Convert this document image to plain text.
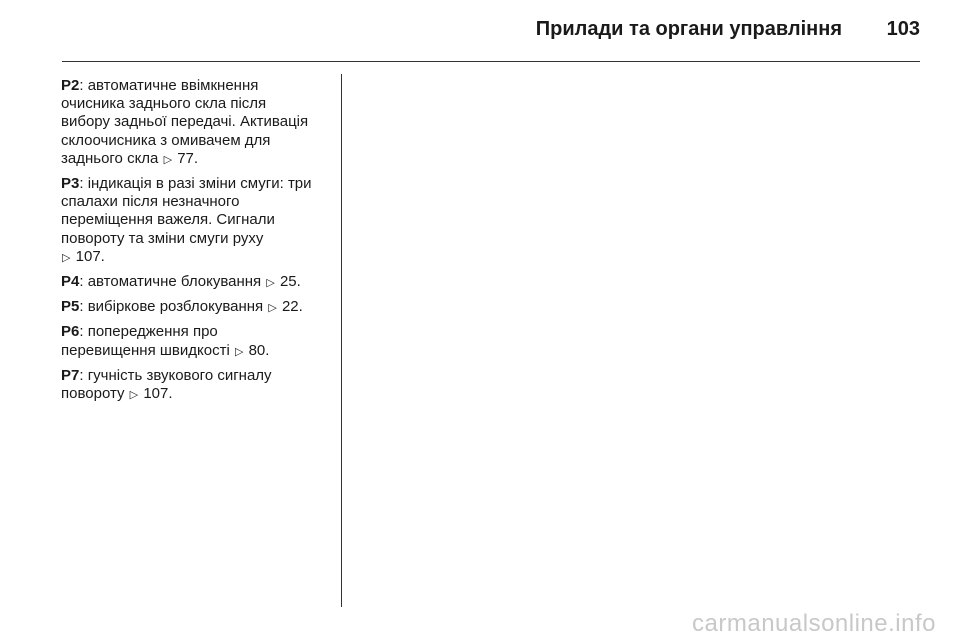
Прилади та органи управління 103

P2: автоматичне ввімкнення
очисника заднього скла після
вибору задньої передачі. Активація
склоочисника з омивачем для
заднього скла ▷ 77.

P3: індикація в разі зміни смуги: три
спалахи після незначного
переміщення важеля. Сигнали
повороту та зміни смуги руху
▷ 107.

P4: автоматичне блокування ▷ 25.

P5: вибіркове розблокування ▷ 22.

P6: попередження про
перевищення швидкості ▷ 80.

P7: гучність звукового сигналу
повороту ▷ 107.

carmanualsonline.info
